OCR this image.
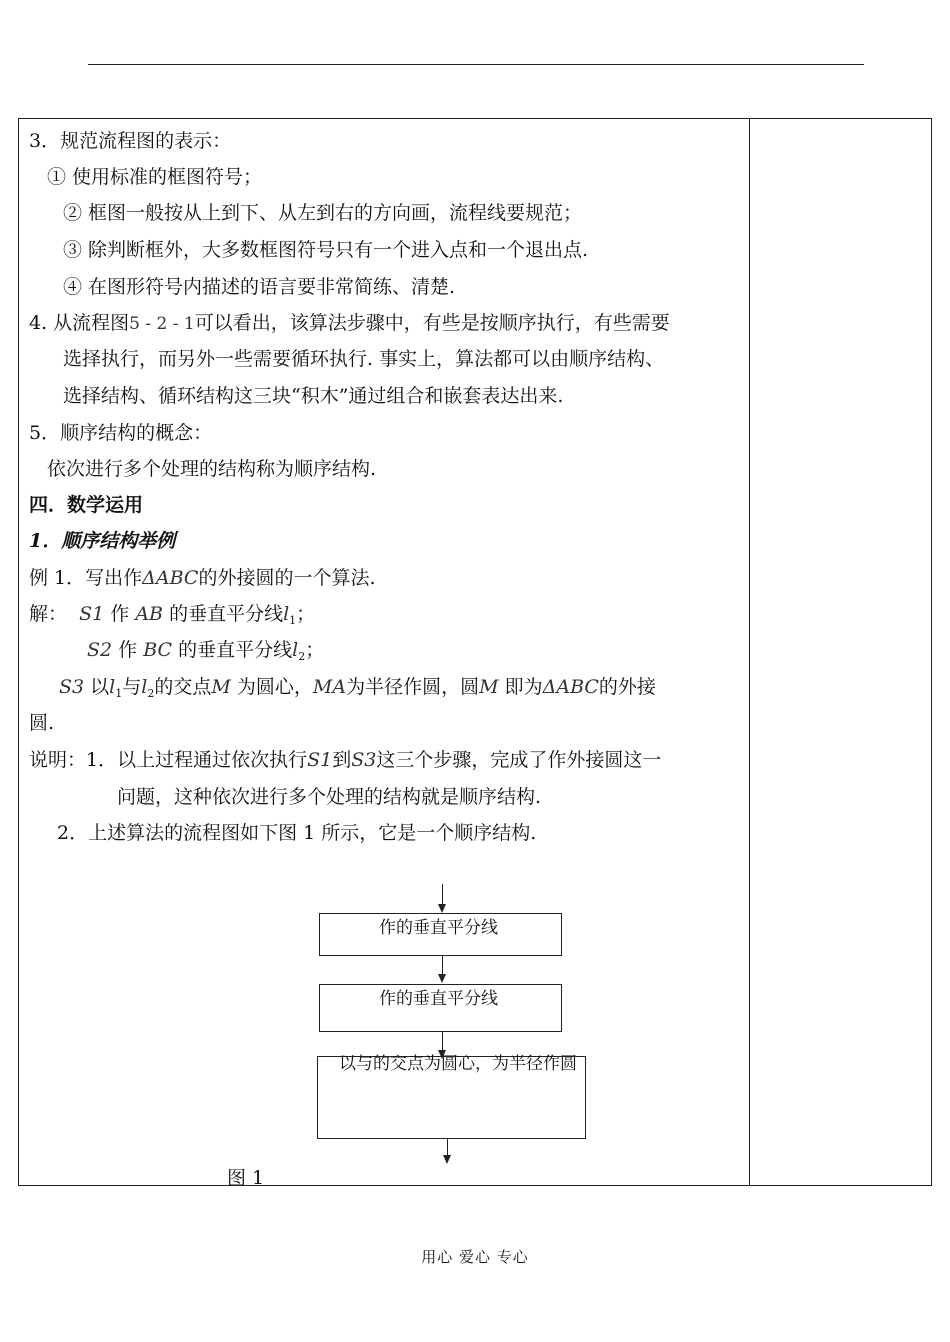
3．规范流程图的表示：
① 使用标准的框图符号；
② 框图一般按从上到下、从左到右的方向画，流程线要规范；
③ 除判断框外，大多数框图符号只有一个进入点和一个退出点.
④ 在图形符号内描述的语言要非常简练、清楚.
4. 从流程图5 - 2 - 1可以看出，该算法步骤中，有些是按顺序执行，有些需要
选择执行，而另外一些需要循环执行. 事实上，算法都可以由顺序结构、
选择结构、循环结构这三块“积木”通过组合和嵌套表达出来.
5．顺序结构的概念：
依次进行多个处理的结构称为顺序结构.
四．数学运用
1．顺序结构举例
例 1．写出作ΔABC的外接圆的一个算法.
解： S1 作 AB 的垂直平分线$l_1$；
S2 作 BC 的垂直平分线$l_2$；
S3 以$l_1$与$l_2$的交点M 为圆心，MA为半径作圆，圆M 即为ΔABC的外接
圆.
说明：1．以上过程通过依次执行S1到S3这三个步骤，完成了作外接圆这一
问题，这种依次进行多个处理的结构就是顺序结构.
2．上述算法的流程图如下图 1 所示，它是一个顺序结构.
作的垂直平分线
作的垂直平分线
以与的交点为圆心，为半径作圆
图 1
用心 爱心 专心
